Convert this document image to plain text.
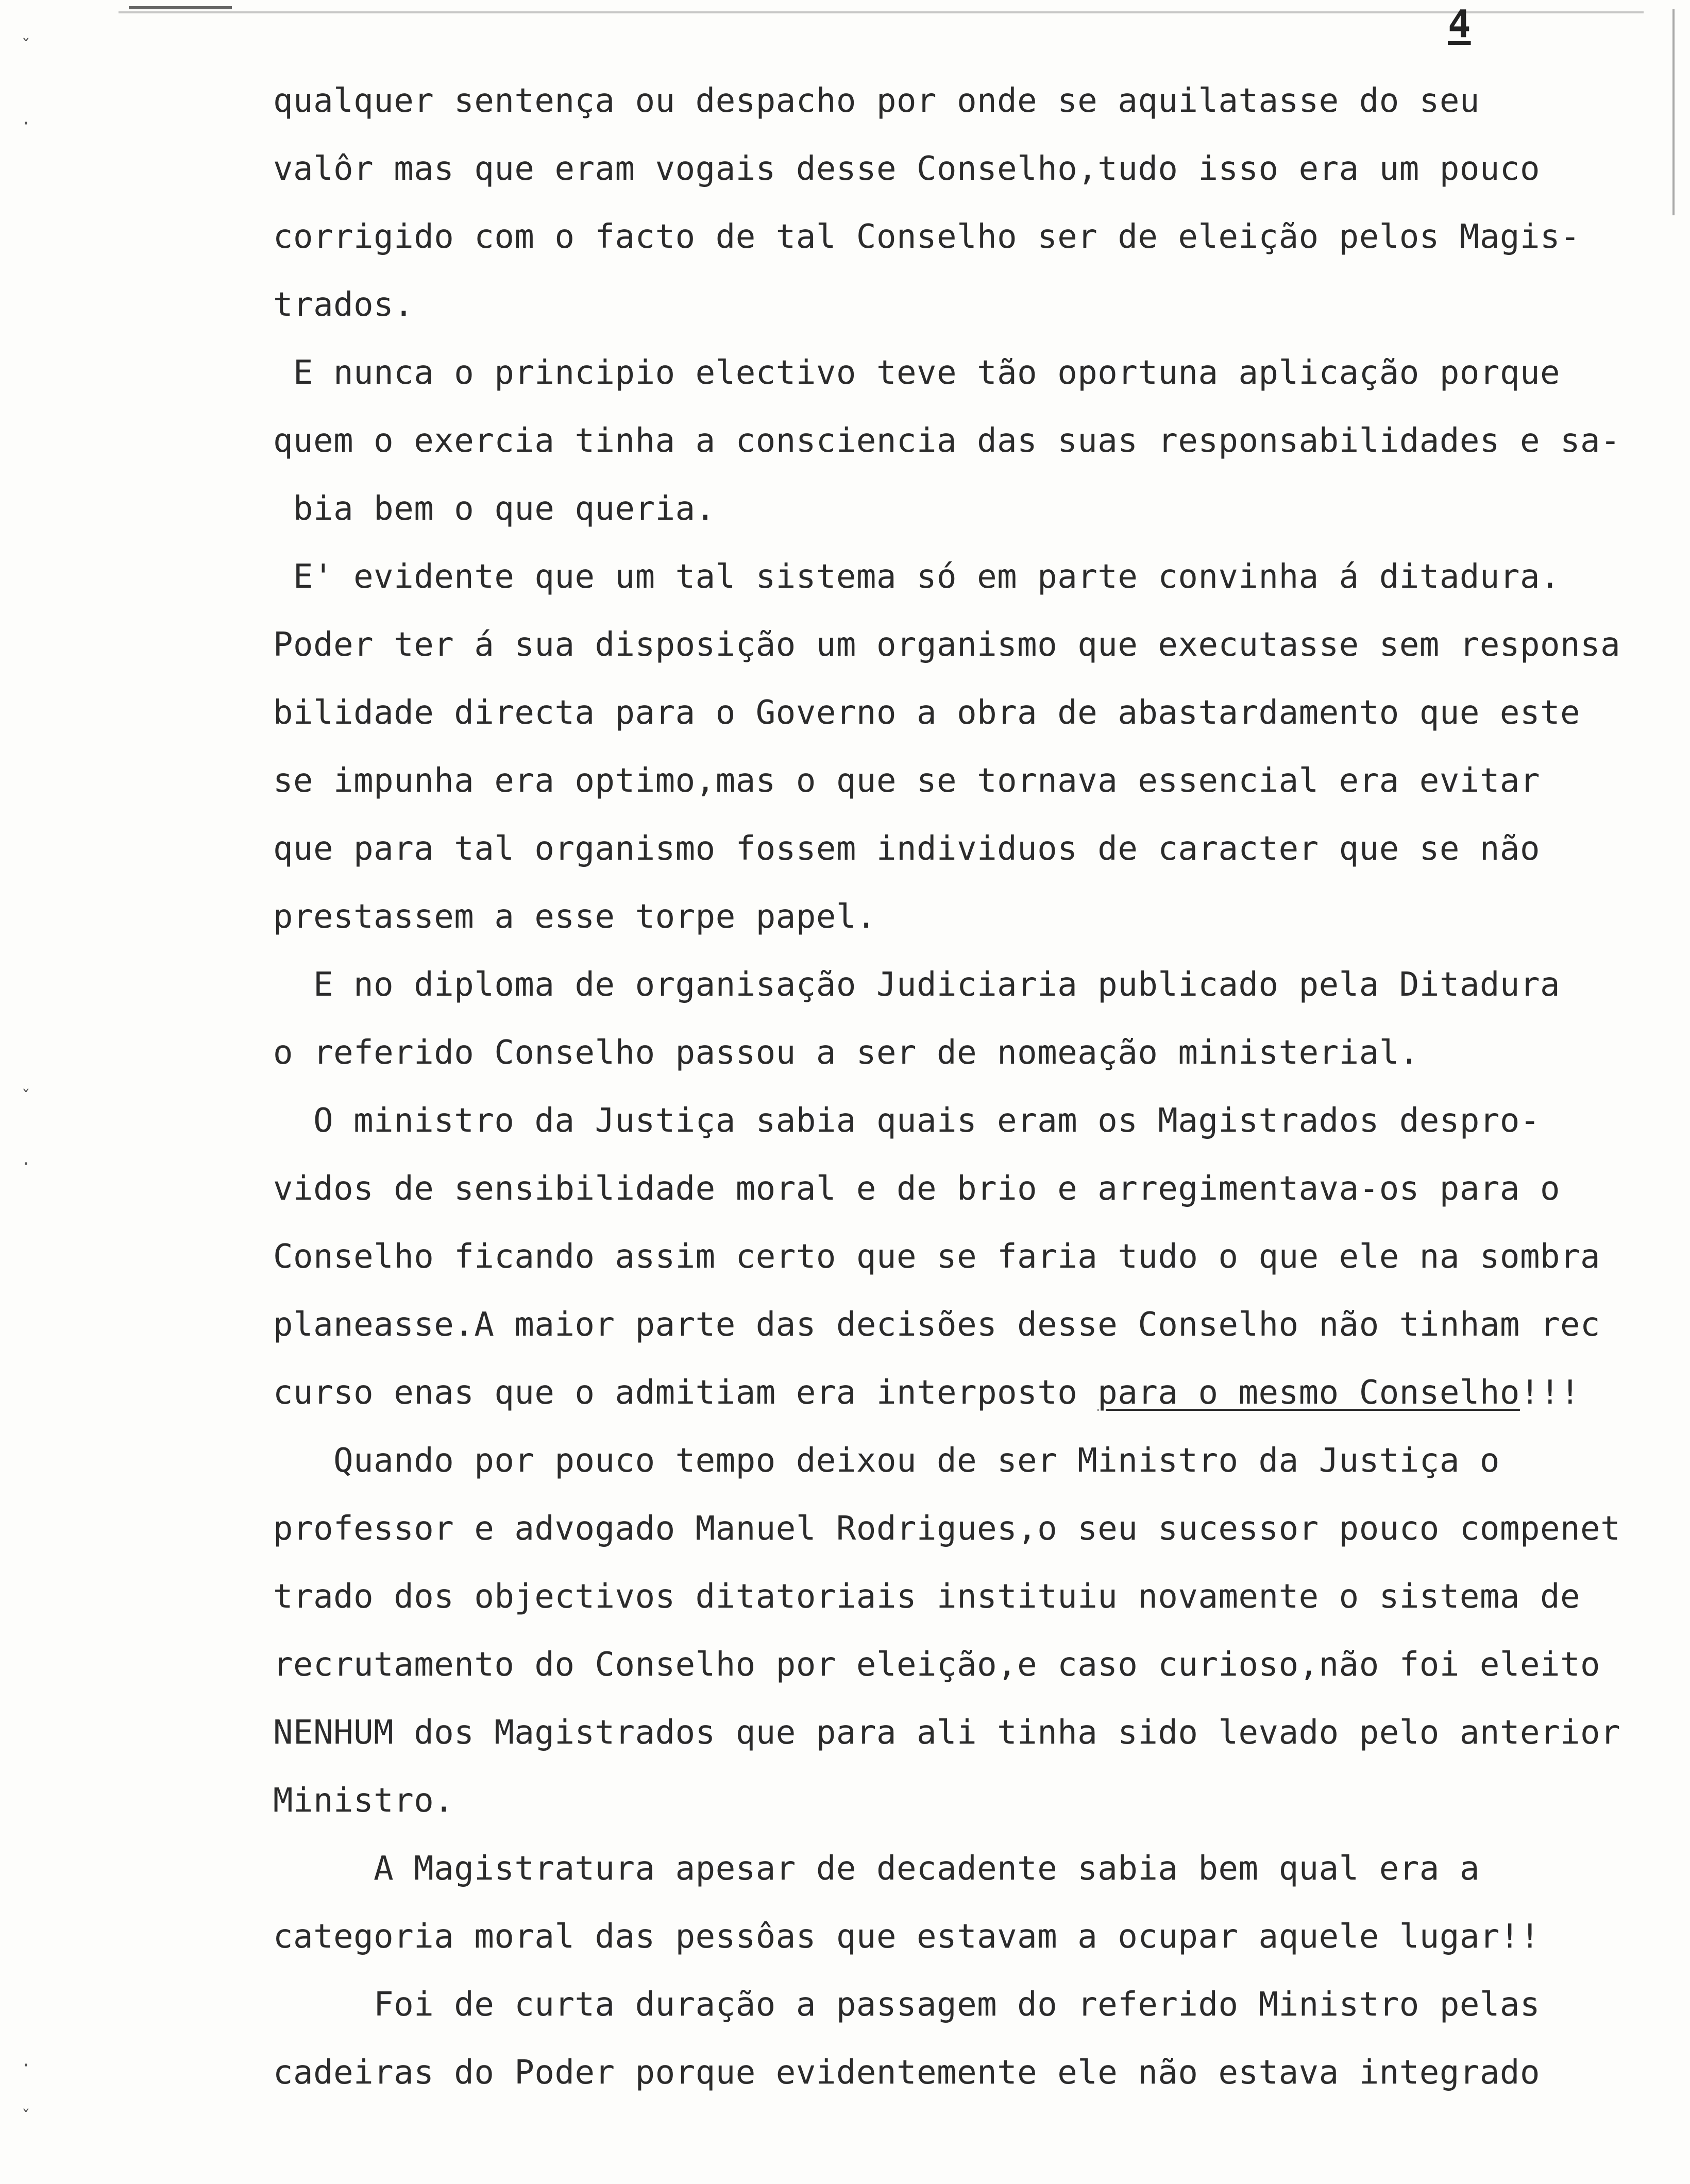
4
ˇ
·
ˇ
·
·
ˇ
qualquer sentença ou despacho por onde se aquilatasse do seu
valôr mas que eram vogais desse Conselho,tudo isso era um pouco
corrigido com o facto de tal Conselho ser de eleição pelos Magis-
trados.
E nunca o principio electivo teve tão oportuna aplicação porque
quem o exercia tinha a consciencia das suas responsabilidades e sa-
bia bem o que queria.
E' evidente que um tal sistema só em parte convinha á ditadura.
Poder ter á sua disposição um organismo que executasse sem responsa
bilidade directa para o Governo a obra de abastardamento que este
se impunha era optimo,mas o que se tornava essencial era evitar
que para tal organismo fossem individuos de caracter que se não
prestassem a esse torpe papel.
E no diploma de organisação Judiciaria publicado pela Ditadura
o referido Conselho passou a ser de nomeação ministerial.
O ministro da Justiça sabia quais eram os Magistrados despro-
vidos de sensibilidade moral e de brio e arregimentava-os para o
Conselho ficando assim certo que se faria tudo o que ele na sombra
planeasse.A maior parte das decisões desse Conselho não tinham rec
curso enas que o admitiam era interposto para o mesmo Conselho!!!
Quando por pouco tempo deixou de ser Ministro da Justiça o
professor e advogado Manuel Rodrigues,o seu sucessor pouco compenet
trado dos objectivos ditatoriais instituiu novamente o sistema de
recrutamento do Conselho por eleição,e caso curioso,não foi eleito
NENHUM dos Magistrados que para ali tinha sido levado pelo anterior
Ministro.
A Magistratura apesar de decadente sabia bem qual era a
categoria moral das pessôas que estavam a ocupar aquele lugar!!
Foi de curta duração a passagem do referido Ministro pelas
cadeiras do Poder porque evidentemente ele não estava integrado
